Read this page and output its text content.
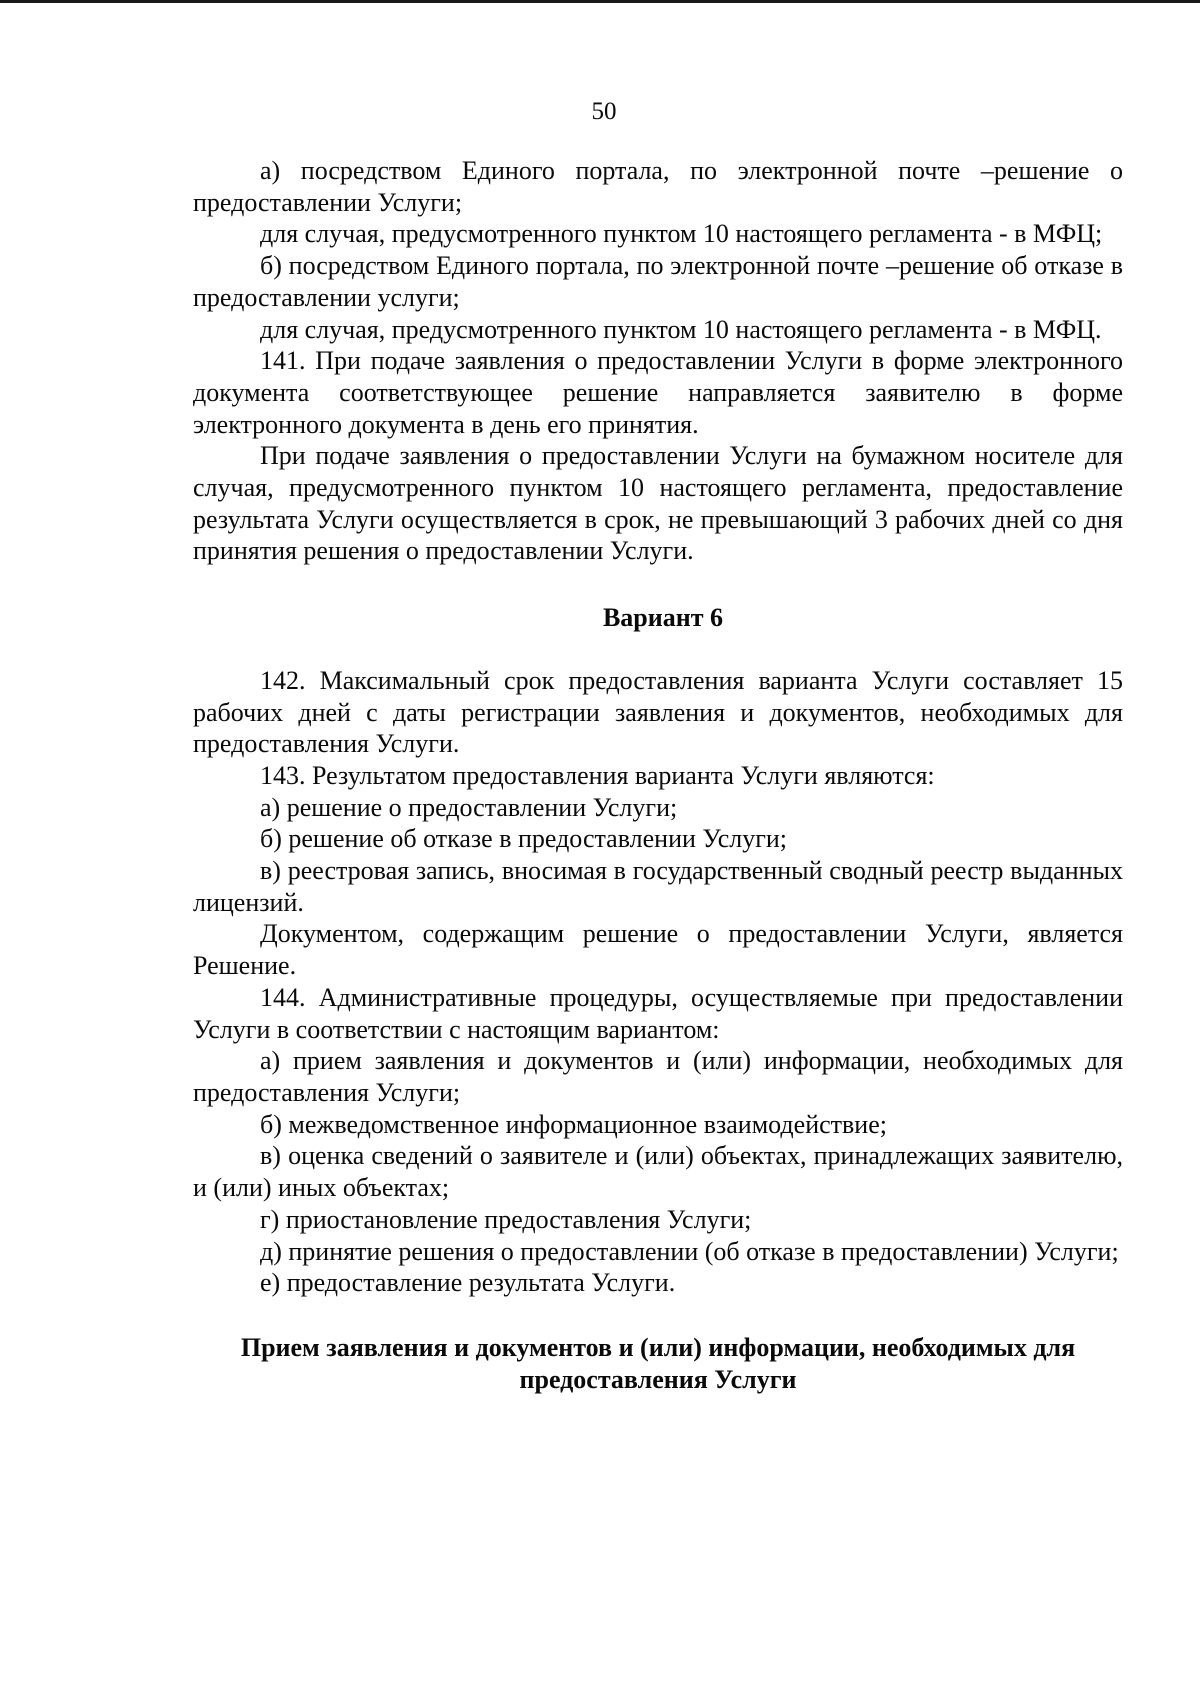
50

а) посредством Единого портала, по электронной почте –решение о предоставлении Услуги;

для случая, предусмотренного пунктом 10 настоящего регламента - в МФЦ;

б) посредством Единого портала, по электронной почте –решение об отказе в предоставлении услуги;

для случая, предусмотренного пунктом 10 настоящего регламента - в МФЦ.

141. При подаче заявления о предоставлении Услуги в форме электронного документа соответствующее решение направляется заявителю в форме электронного документа в день его принятия.

При подаче заявления о предоставлении Услуги на бумажном носителе для случая, предусмотренного пунктом 10 настоящего регламента, предоставление результата Услуги осуществляется в срок, не превышающий 3 рабочих дней со дня принятия решения о предоставлении Услуги.

Вариант 6

142. Максимальный срок предоставления варианта Услуги составляет 15 рабочих дней с даты регистрации заявления и документов, необходимых для предоставления Услуги.

143. Результатом предоставления варианта Услуги являются:

а) решение о предоставлении Услуги;

б) решение об отказе в предоставлении Услуги;

в) реестровая запись, вносимая в государственный сводный реестр выданных лицензий.

Документом, содержащим решение о предоставлении Услуги, является Решение.

144. Административные процедуры, осуществляемые при предоставлении Услуги в соответствии с настоящим вариантом:

а) прием заявления и документов и (или) информации, необходимых для предоставления Услуги;

б) межведомственное информационное взаимодействие;

в) оценка сведений о заявителе и (или) объектах, принадлежащих заявителю, и (или) иных объектах;

г) приостановление предоставления Услуги;

д) принятие решения о предоставлении (об отказе в предоставлении) Услуги;

е) предоставление результата Услуги.

Прием заявления и документов и (или) информации, необходимых для предоставления Услуги
